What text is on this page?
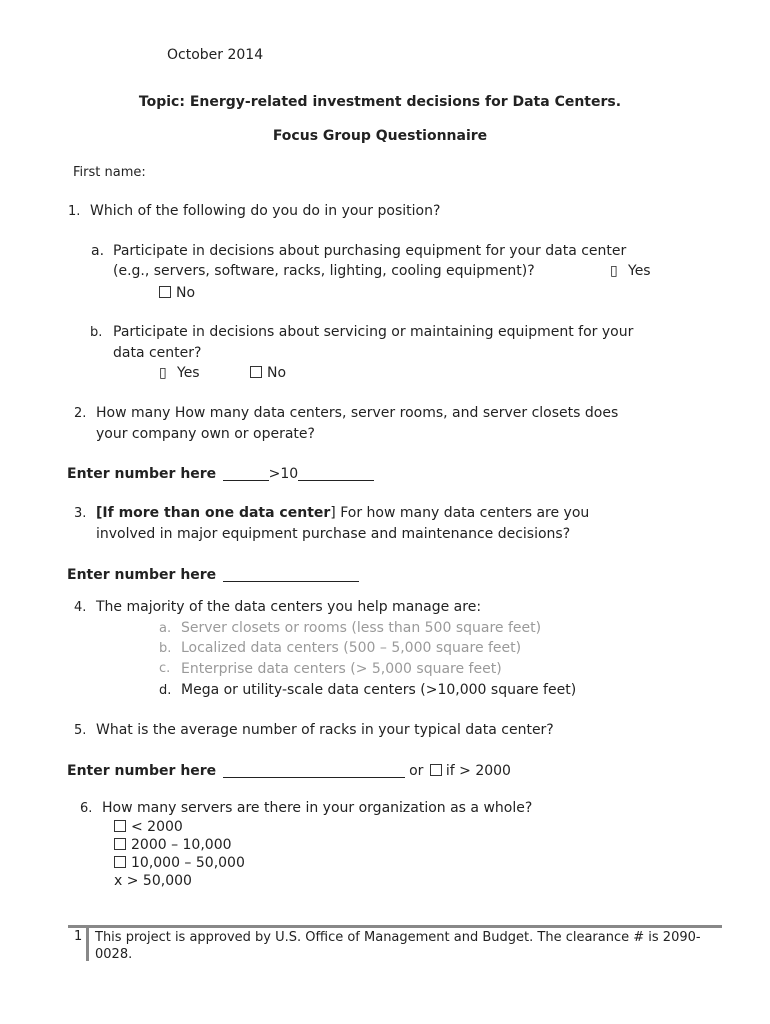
October 2014
Topic: Energy-related investment decisions for Data Centers.
Focus Group Questionnaire
First name:
1. Which of the following do you do in your position?
a. Participate in decisions about purchasing equipment for your data center
(e.g., servers, software, racks, lighting, cooling equipment)?	▯ Yes
No
b. Participate in decisions about servicing or maintaining equipment for your
data center?
▯ Yes	No
2. How many How many data centers, server rooms, and server closets does
your company own or operate?
Enter number here	>10
3. [If more than one data center] For how many data centers are you
involved in major equipment purchase and maintenance decisions?
Enter number here
4. The majority of the data centers you help manage are:
a. Server closets or rooms (less than 500 square feet)
b. Localized data centers (500 – 5,000 square feet)
c. Enterprise data centers (> 5,000 square feet)
d. Mega or utility-scale data centers (>10,000 square feet)
5. What is the average number of racks in your typical data center?
Enter number here	or if > 2000
6. How many servers are there in your organization as a whole?
< 2000
2000 – 10,000
10,000 – 50,000
x > 50,000
1 This project is approved by U.S. Office of Management and Budget. The clearance # is 2090-0028.
